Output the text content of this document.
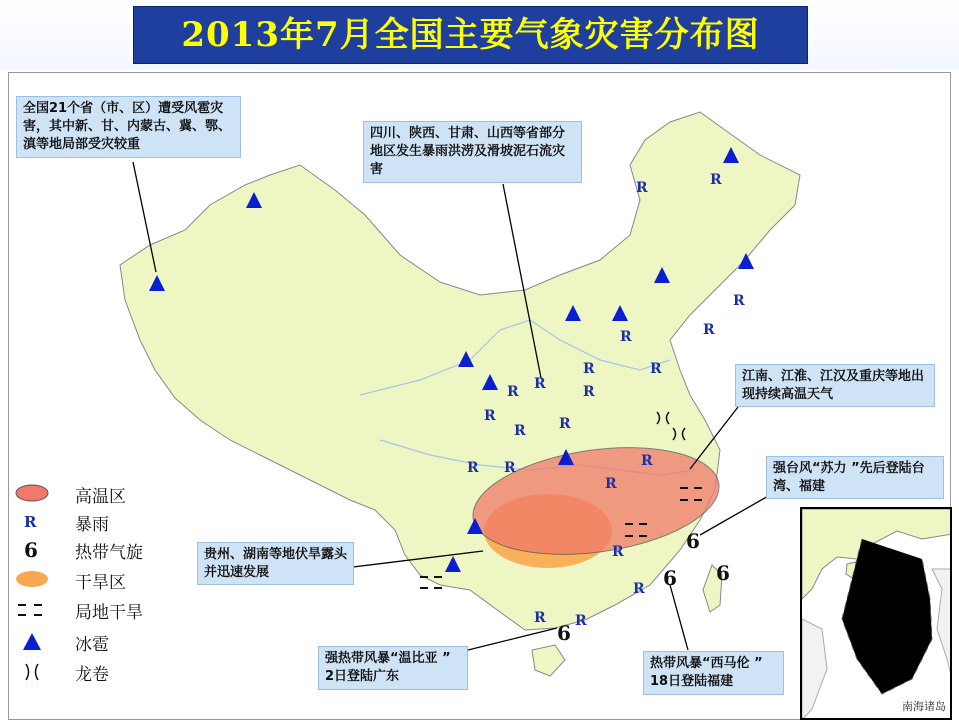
2013年7月全国主要气象灾害分布图
R	R
R
R
R
R
R
R
R R
R
R R
R R	R
R
R
R
R R
6
6
6
6
全国21个省（市、区）遭受风雹灾害，其中新、甘、内蒙古、冀、鄂、滇等地局部受灾较重
四川、陕西、甘肃、山西等省部分地区发生暴雨洪涝及滑坡泥石流灾害
江南、江淮、江汉及重庆等地出现持续高温天气
强台风“苏力 ”先后登陆台湾、福建
贵州、湖南等地伏旱露头并迅速发展
强热带风暴“温比亚 ” 2日登陆广东
热带风暴“西马伦 ” 18日登陆福建
高温区
R 暴雨
6 热带气旋
干旱区
局地干旱
冰雹
龙卷
南海诸岛
